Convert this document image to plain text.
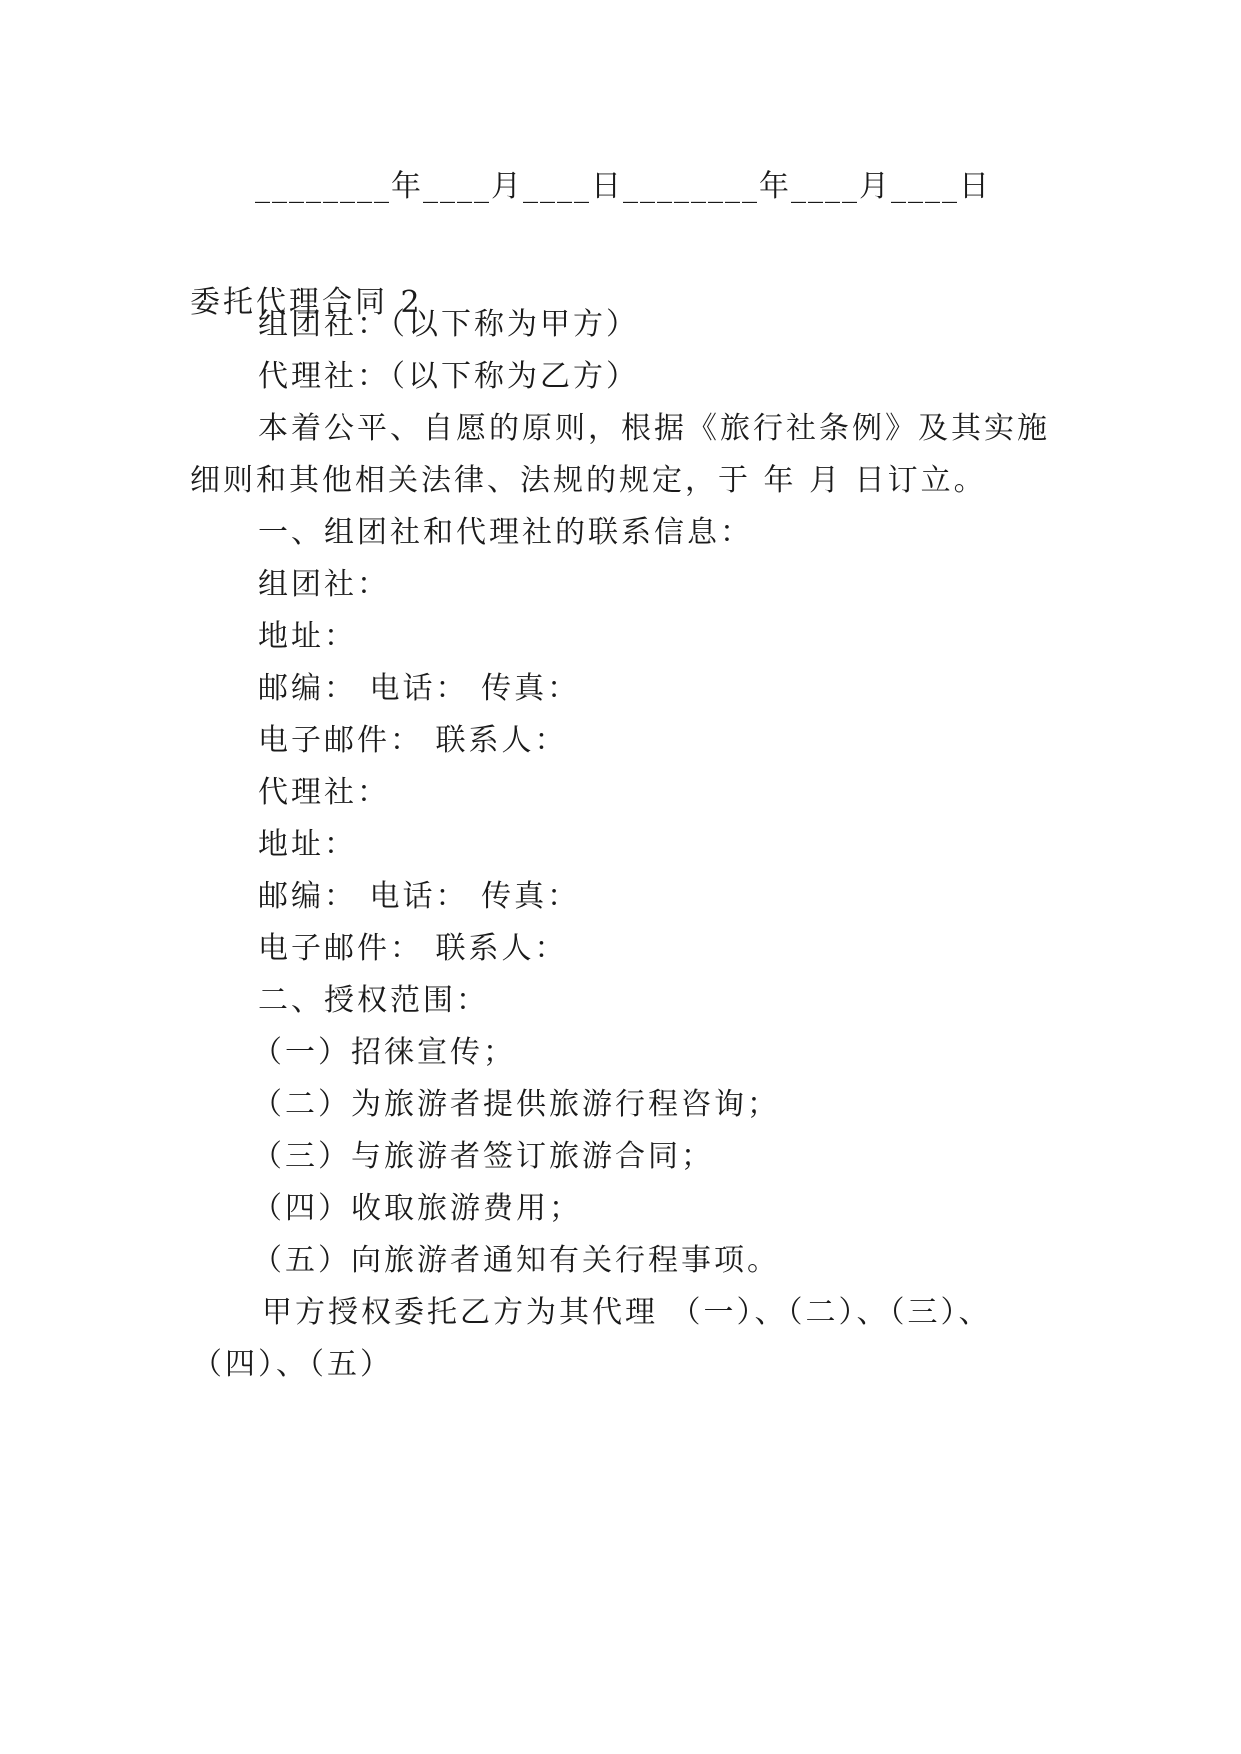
________年____月____日________年____月____日
委托代理合同 2
组团社：（以下称为甲方）
代理社：（以下称为乙方）
本着公平、自愿的原则，根据《旅行社条例》及其实施
细则和其他相关法律、法规的规定，于 年 月 日订立。
一、组团社和代理社的联系信息：
组团社：
地址：
邮编： 电话： 传真：
电子邮件： 联系人：
代理社：
地址：
邮编： 电话： 传真：
电子邮件： 联系人：
二、授权范围：
（一）招徕宣传；
（二）为旅游者提供旅游行程咨询；
（三）与旅游者签订旅游合同；
（四）收取旅游费用；
（五）向旅游者通知有关行程事项。
甲方授权委托乙方为其代理 （一）、（二）、（三）、
（四）、（五）
